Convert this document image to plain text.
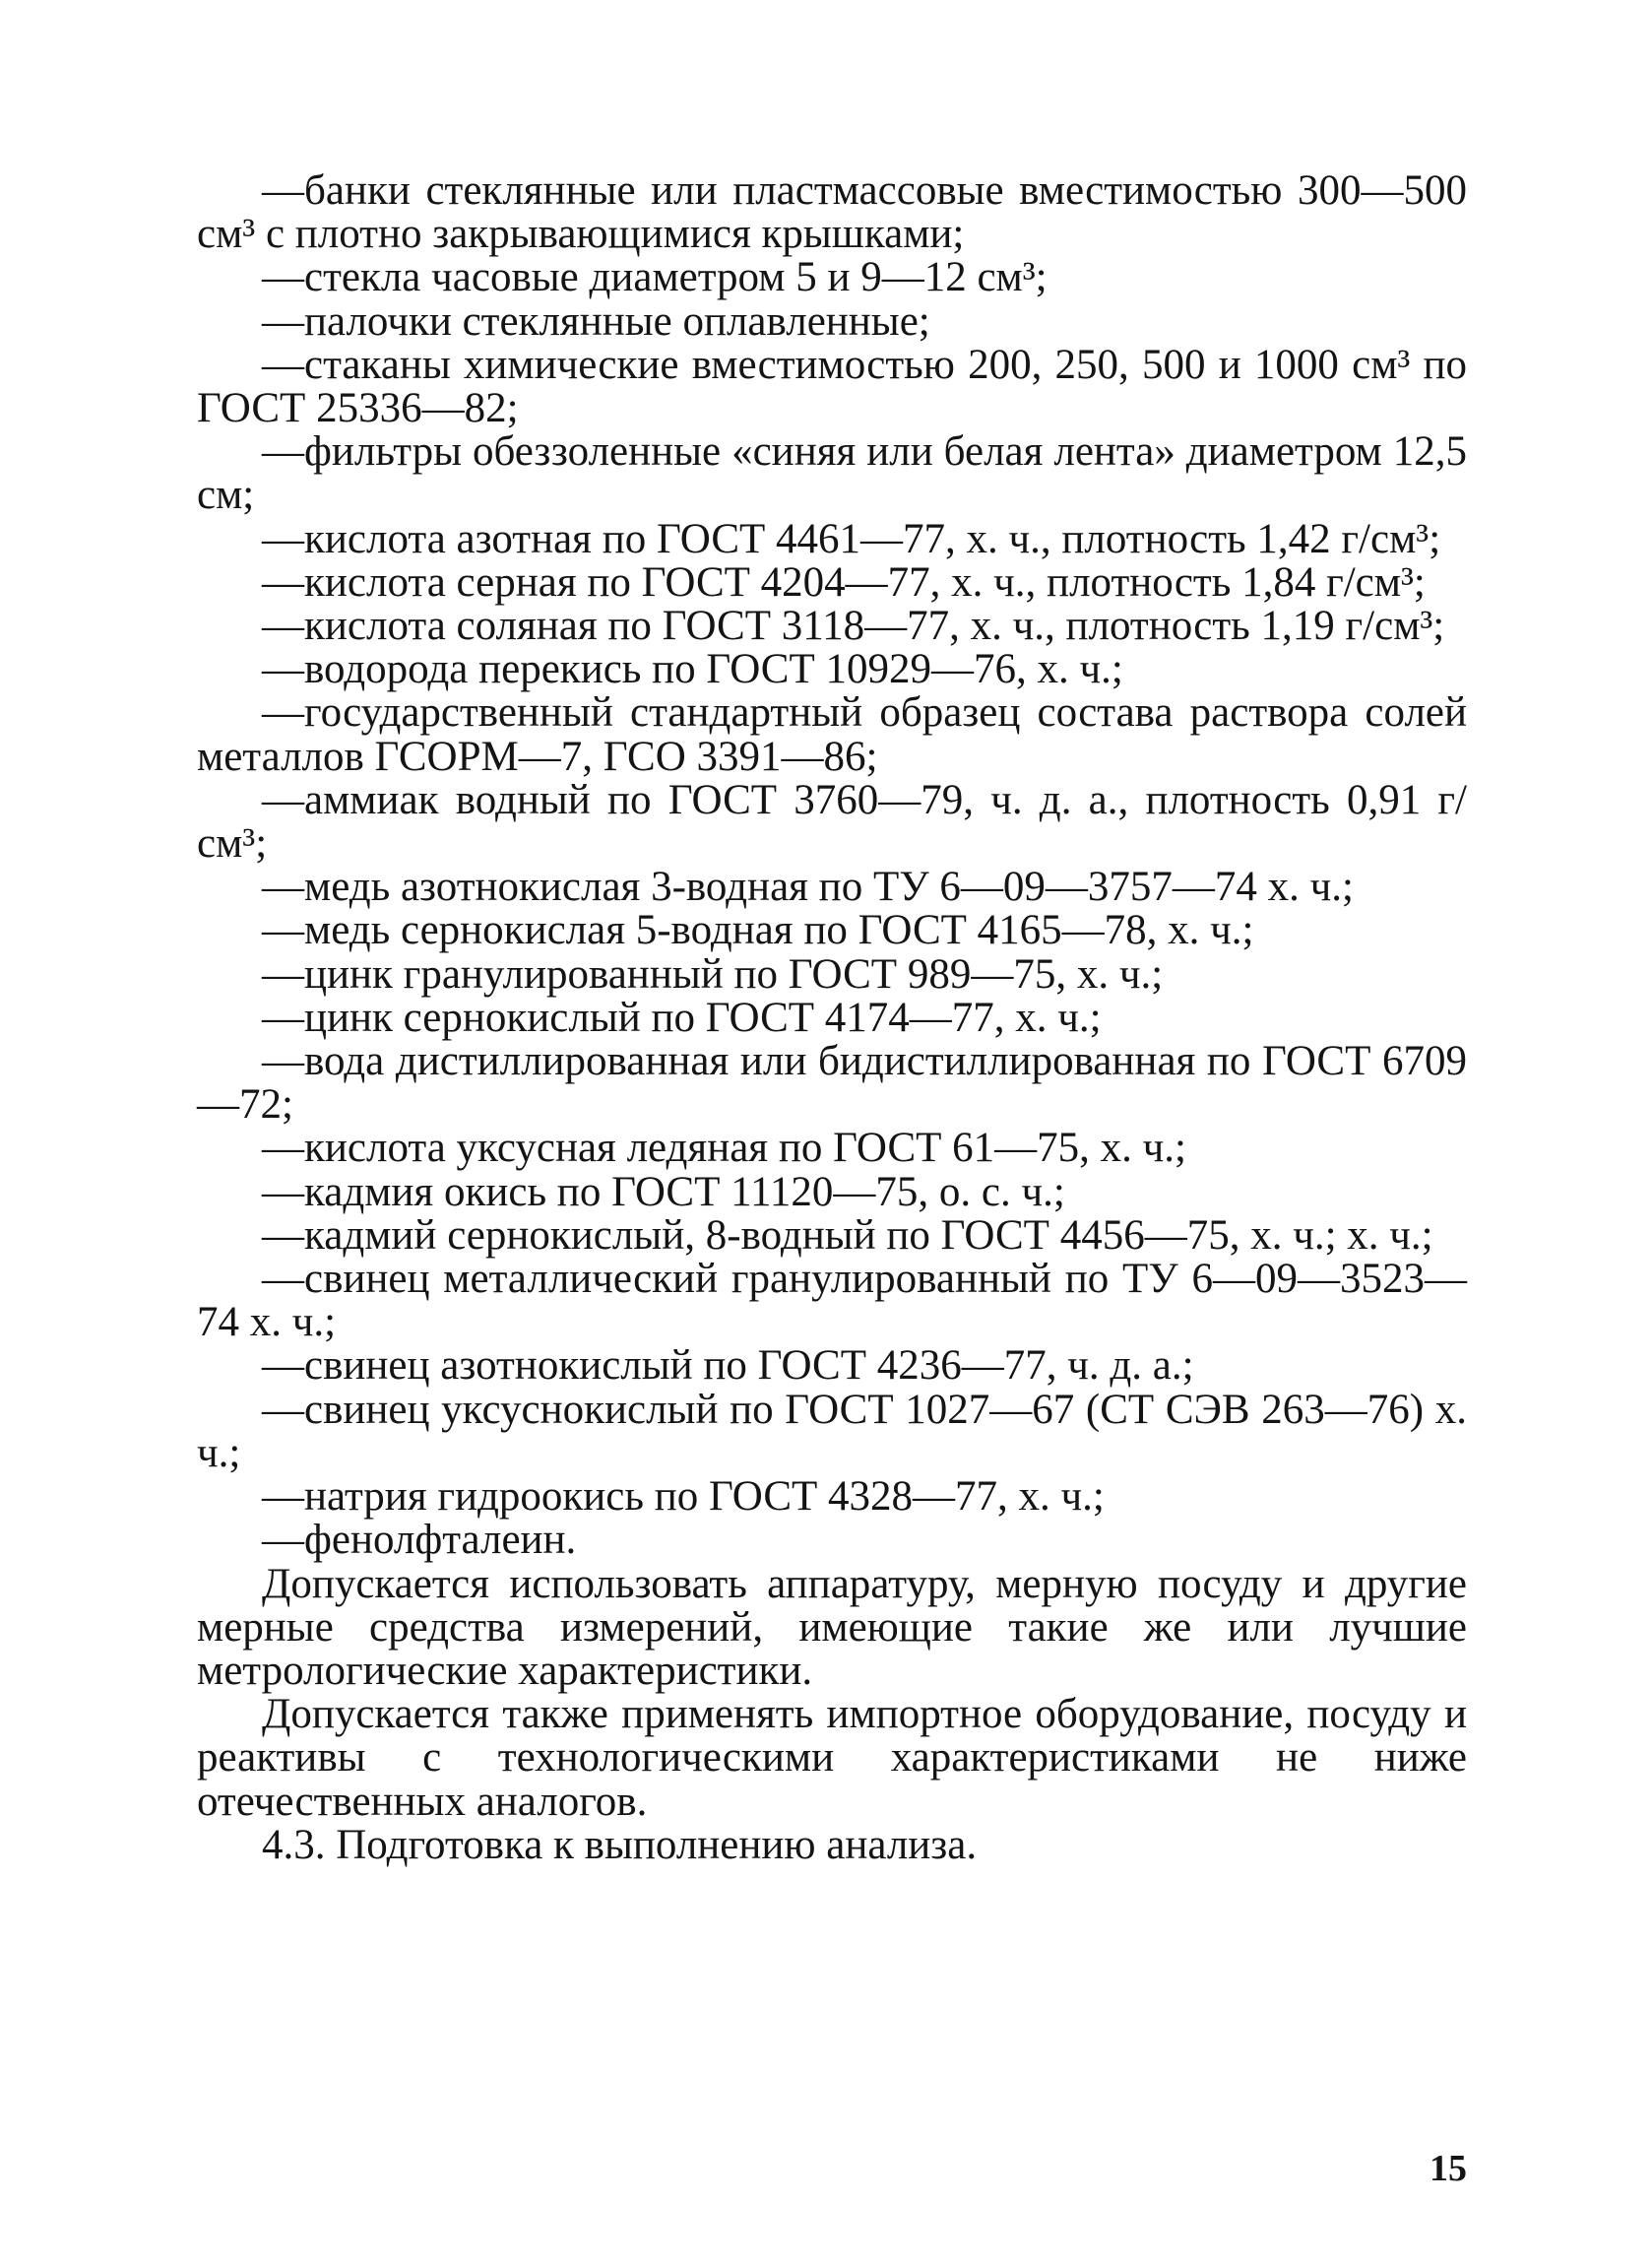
—банки стеклянные или пластмассовые вместимостью 300—500 см³ с плотно закрывающимися крышками;

—стекла часовые диаметром 5 и 9—12 см³;

—палочки стеклянные оплавленные;

—стаканы химические вместимостью 200, 250, 500 и 1000 см³ по ГОСТ 25336—82;

—фильтры обеззоленные «синяя или белая лента» диаметром 12,5 см;

—кислота азотная по ГОСТ 4461—77, х. ч., плотность 1,42 г/см³;

—кислота серная по ГОСТ 4204—77, х. ч., плотность 1,84 г/см³;

—кислота соляная по ГОСТ 3118—77, х. ч., плотность 1,19 г/см³;

—водорода перекись по ГОСТ 10929—76, х. ч.;

—государственный стандартный образец состава раствора солей металлов ГСОРМ—7, ГСО 3391—86;

—аммиак водный по ГОСТ 3760—79, ч. д. а., плотность 0,91 г/см³;

—медь азотнокислая 3-водная по ТУ 6—09—3757—74 х. ч.;

—медь сернокислая 5-водная по ГОСТ 4165—78, х. ч.;

—цинк гранулированный по ГОСТ 989—75, х. ч.;

—цинк сернокислый по ГОСТ 4174—77, х. ч.;

—вода дистиллированная или бидистиллированная по ГОСТ 6709—72;

—кислота уксусная ледяная по ГОСТ 61—75, х. ч.;

—кадмия окись по ГОСТ 11120—75, о. с. ч.;

—кадмий сернокислый, 8-водный по ГОСТ 4456—75, х. ч.; х. ч.;

—свинец металлический гранулированный по ТУ 6—09—3523—74 х. ч.;

—свинец азотнокислый по ГОСТ 4236—77, ч. д. а.;

—свинец уксуснокислый по ГОСТ 1027—67 (СТ СЭВ 263—76) х. ч.;

—натрия гидроокись по ГОСТ 4328—77, х. ч.;

—фенолфталеин.

Допускается использовать аппаратуру, мерную посуду и другие мерные средства измерений, имеющие такие же или лучшие метрологические характеристики.

Допускается также применять импортное оборудование, посуду и реактивы с технологическими характеристиками не ниже отечественных аналогов.

4.3. Подготовка к выполнению анализа.

15
